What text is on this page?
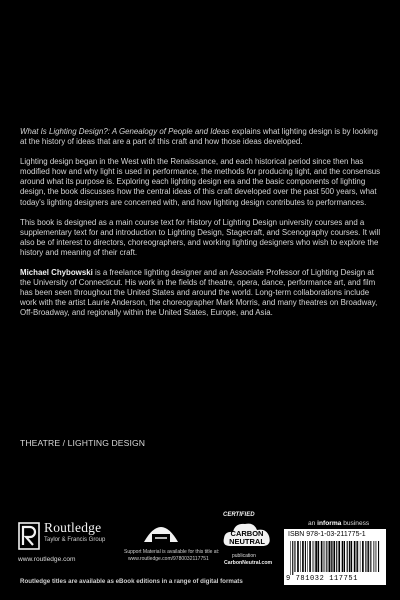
What Is Lighting Design?: A Genealogy of People and Ideas explains what lighting design is by looking at the history of ideas that are a part of this craft and how those ideas developed.

Lighting design began in the West with the Renaissance, and each historical period since then has modified how and why light is used in performance, the methods for producing light, and the consensus around what its purpose is. Exploring each lighting design era and the basic components of lighting design, the book discusses how the central ideas of this craft developed over the past 500 years, what today's lighting designers are concerned with, and how lighting design contributes to performances.

This book is designed as a main course text for History of Lighting Design university courses and a supplementary text for and introduction to Lighting Design, Stagecraft, and Scenography courses. It will also be of interest to directors, choreographers, and working lighting designers who wish to explore the history and meaning of their craft.

Michael Chybowski is a freelance lighting designer and an Associate Professor of Lighting Design at the University of Connecticut. His work in the fields of theatre, opera, dance, performance art, and film has been seen throughout the United States and around the world. Long-term collaborations include work with the artist Laurie Anderson, the choreographer Mark Morris, and many theatres on Broadway, Off-Broadway, and regionally within the United States, Europe, and Asia.

THEATRE / LIGHTING DESIGN
Routledge
Taylor & Francis Group
www.routledge.com
Support Material is available for this title at:
www.routledge.com/9780032117751
CERTIFIED
CARBON
NEUTRAL
publication
CarbonNeutral.com
an informa business
ISBN 978-1-03-211775-1
9 781032 117751
Routledge titles are available as eBook editions in a range of digital formats
